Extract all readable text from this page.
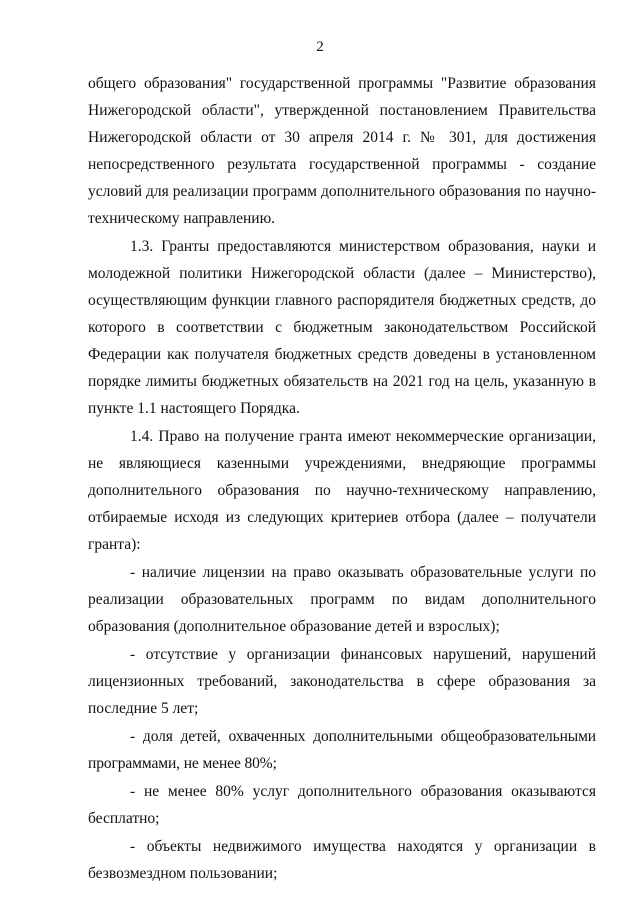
2

общего образования" государственной программы "Развитие образования Нижегородской области", утвержденной постановлением Правительства Нижегородской области от 30 апреля 2014 г. № 301, для достижения непосредственного результата государственной программы - создание условий для реализации программ дополнительного образования по научно-техническому направлению.

1.3. Гранты предоставляются министерством образования, науки и молодежной политики Нижегородской области (далее – Министерство), осуществляющим функции главного распорядителя бюджетных средств, до которого в соответствии с бюджетным законодательством Российской Федерации как получателя бюджетных средств доведены в установленном порядке лимиты бюджетных обязательств на 2021 год на цель, указанную в пункте 1.1 настоящего Порядка.

1.4. Право на получение гранта имеют некоммерческие организации, не являющиеся казенными учреждениями, внедряющие программы дополнительного образования по научно-техническому направлению, отбираемые исходя из следующих критериев отбора (далее – получатели гранта):

- наличие лицензии на право оказывать образовательные услуги по реализации образовательных программ по видам дополнительного образования (дополнительное образование детей и взрослых);

- отсутствие у организации финансовых нарушений, нарушений лицензионных требований, законодательства в сфере образования за последние 5 лет;

- доля детей, охваченных дополнительными общеобразовательными программами, не менее 80%;

- не менее 80% услуг дополнительного образования оказываются бесплатно;

- объекты недвижимого имущества находятся у организации в безвозмездном пользовании;
